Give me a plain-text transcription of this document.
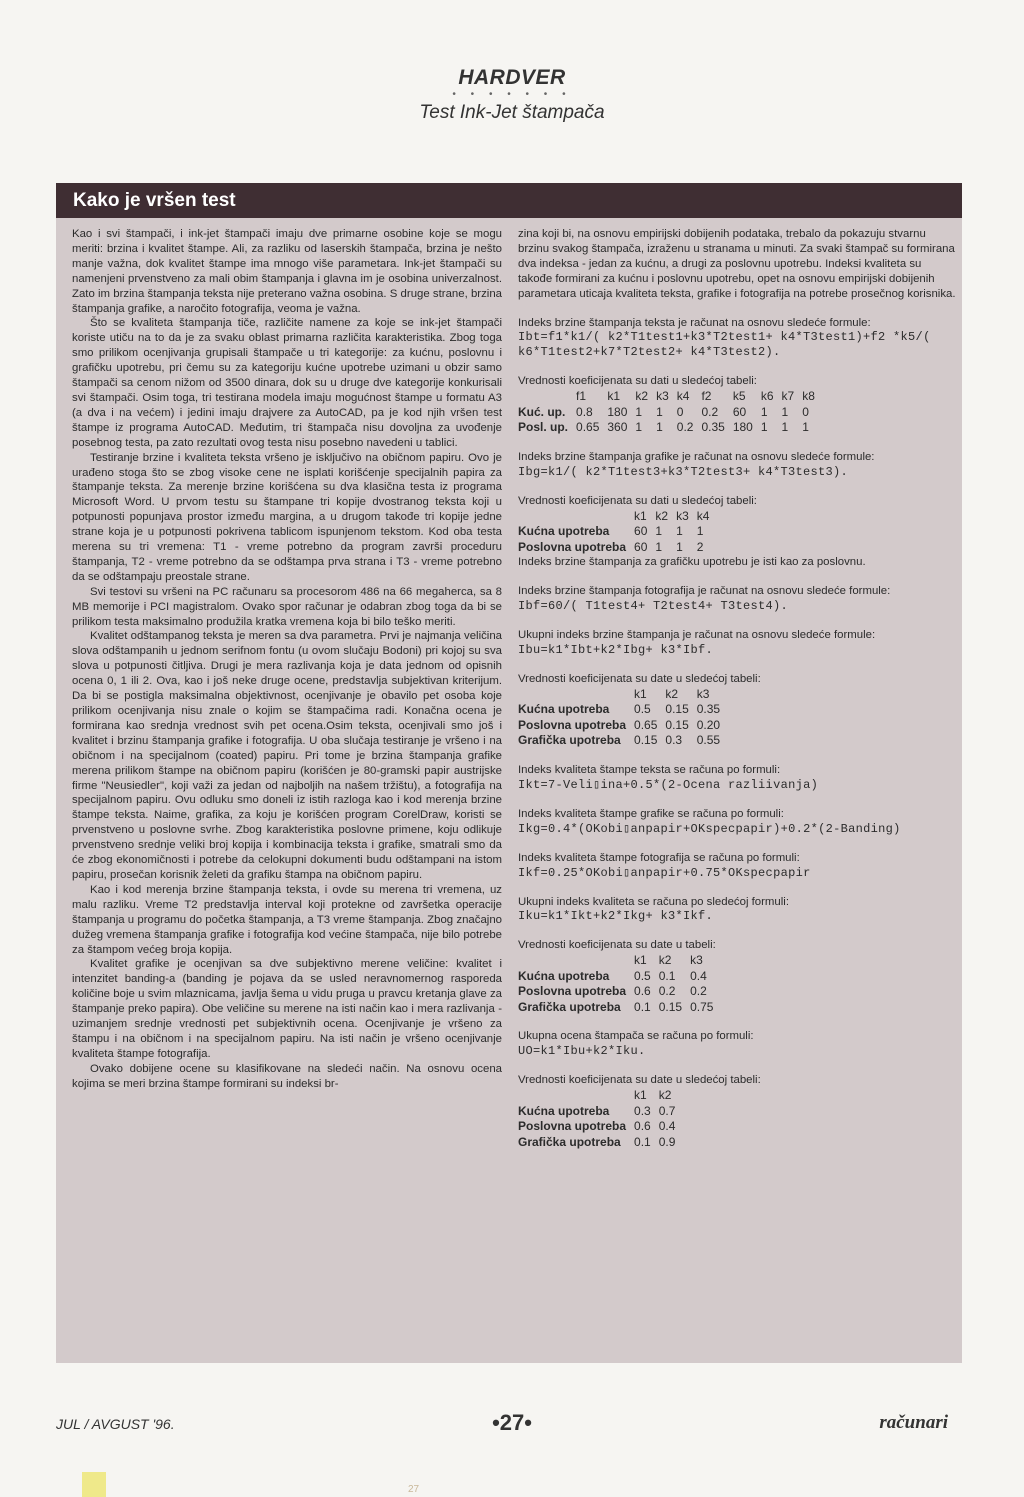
HARDVER
• • • • • • •
Test Ink-Jet štampača
Kako je vršen test

Kao i svi štampači, i ink-jet štampači imaju dve primarne osobine koje se mogu meriti: brzina i kvalitet štampe. Ali, za razliku od laserskih štampača, brzina je nešto manje važna, dok kvalitet štampe ima mnogo više parametara. Ink-jet štampači su namenjeni prvenstveno za mali obim štampanja i glavna im je osobina univerzalnost. Zato im brzina štampanja teksta nije preterano važna osobina. S druge strane, brzina štampanja grafike, a naročito fotografija, veoma je važna.

Što se kvaliteta štampanja tiče, različite namene za koje se ink-jet štampači koriste utiču na to da je za svaku oblast primarna različita karakteristika. Zbog toga smo prilikom ocenjivanja grupisali štampače u tri kategorije: za kućnu, poslovnu i grafičku upotrebu, pri čemu su za kategoriju kućne upotrebe uzimani u obzir samo štampači sa cenom nižom od 3500 dinara, dok su u druge dve kategorije konkurisali svi štampači. Osim toga, tri testirana modela imaju mogućnost štampe u formatu A3 (a dva i na većem) i jedini imaju drajvere za AutoCAD, pa je kod njih vršen test štampe iz programa AutoCAD. Međutim, tri štampača nisu dovoljna za uvođenje posebnog testa, pa zato rezultati ovog testa nisu posebno navedeni u tablici.

Testiranje brzine i kvaliteta teksta vršeno je isključivo na običnom papiru. Ovo je urađeno stoga što se zbog visoke cene ne isplati korišćenje specijalnih papira za štampanje teksta. Za merenje brzine korišćena su dva klasična testa iz programa Microsoft Word. U prvom testu su štampane tri kopije dvostranog teksta koji u potpunosti popunjava prostor između margina, a u drugom takođe tri kopije jedne strane koja je u potpunosti pokrivena tablicom ispunjenom tekstom. Kod oba testa merena su tri vremena: T1 - vreme potrebno da program završi proceduru štampanja, T2 - vreme potrebno da se odštampa prva strana i T3 - vreme potrebno da se odštampaju preostale strane.

Svi testovi su vršeni na PC računaru sa procesorom 486 na 66 megaherca, sa 8 MB memorije i PCI magistralom. Ovako spor računar je odabran zbog toga da bi se prilikom testa maksimalno produžila kratka vremena koja bi bilo teško meriti.

Kvalitet odštampanog teksta je meren sa dva parametra. Prvi je najmanja veličina slova odštampanih u jednom serifnom fontu (u ovom slučaju Bodoni) pri kojoj su sva slova u potpunosti čitljiva. Drugi je mera razlivanja koja je data jednom od opisnih ocena 0, 1 ili 2. Ova, kao i još neke druge ocene, predstavlja subjektivan kriterijum. Da bi se postigla maksimalna objektivnost, ocenjivanje je obavilo pet osoba koje prilikom ocenjivanja nisu znale o kojim se štampačima radi. Konačna ocena je formirana kao srednja vrednost svih pet ocena.Osim teksta, ocenjivali smo još i kvalitet i brzinu štampanja grafike i fotografija. U oba slučaja testiranje je vršeno i na običnom i na specijalnom (coated) papiru. Pri tome je brzina štampanja grafike merena prilikom štampe na običnom papiru (korišćen je 80-gramski papir austrijske firme "Neusiedler", koji važi za jedan od najboljih na našem tržištu), a fotografija na specijalnom papiru. Ovu odluku smo doneli iz istih razloga kao i kod merenja brzine štampe teksta. Naime, grafika, za koju je korišćen program CorelDraw, koristi se prvenstveno u poslovne svrhe. Zbog karakteristika poslovne primene, koju odlikuje prvenstveno srednje veliki broj kopija i kombinacija teksta i grafike, smatrali smo da će zbog ekonomičnosti i potrebe da celokupni dokumenti budu odštampani na istom papiru, prosečan korisnik želeti da grafiku štampa na običnom papiru.

Kao i kod merenja brzine štampanja teksta, i ovde su merena tri vremena, uz malu razliku. Vreme T2 predstavlja interval koji protekne od završetka operacije štampanja u programu do početka štampanja, a T3 vreme štampanja. Zbog značajno dužeg vremena štampanja grafike i fotografija kod većine štampača, nije bilo potrebe za štampom većeg broja kopija.

Kvalitet grafike je ocenjivan sa dve subjektivno merene veličine: kvalitet i intenzitet banding-a (banding je pojava da se usled neravnomernog rasporeda količine boje u svim mlaznicama, javlja šema u vidu pruga u pravcu kretanja glave za štampanje preko papira). Obe veličine su merene na isti način kao i mera razlivanja - uzimanjem srednje vrednosti pet subjektivnih ocena. Ocenjivanje je vršeno za štampu i na običnom i na specijalnom papiru. Na isti način je vršeno ocenjivanje kvaliteta štampe fotografija.

Ovako dobijene ocene su klasifikovane na sledeći način. Na osnovu ocena kojima se meri brzina štampe formirani su indeksi br-

zina koji bi, na osnovu empirijski dobijenih podataka, trebalo da pokazuju stvarnu brzinu svakog štampača, izraženu u stranama u minuti. Za svaki štampač su formirana dva indeksa - jedan za kućnu, a drugi za poslovnu upotrebu. Indeksi kvaliteta su takođe formirani za kućnu i poslovnu upotrebu, opet na osnovu empirijski dobijenih parametara uticaja kvaliteta teksta, grafike i fotografija na potrebe prosečnog korisnika.

Indeks brzine štampanja teksta je računat na osnovu sledeće formule:
Ibt=f1*k1/( k2*T1test1+k3*T2test1+ k4*T3test1)+f2 *k5/( k6*T1test2+k7*T2test2+ k4*T3test2).
Vrednosti koeficijenata su dati u sledećoj tabeli:
	f1	k1	k2	k3	k4	f2	k5	k6	k7	k8
Kuć. up.	0.8	180	1	1	0	0.2	60	1	1	0
Posl. up.	0.65	360	1	1	0.2	0.35	180	1	1	1
Indeks brzine štampanja grafike je računat na osnovu sledeće formule:
Ibg=k1/( k2*T1test3+k3*T2test3+ k4*T3test3).
Vrednosti koeficijenata su dati u sledećoj tabeli:
	k1	k2	k3	k4
Kućna upotreba	60	1	1	1
Poslovna upotreba	60	1	1	2
Indeks brzine štampanja za grafičku upotrebu je isti kao za poslovnu.
Indeks brzine štampanja fotografija je računat na osnovu sledeće formule:
Ibf=60/( T1test4+ T2test4+ T3test4).
Ukupni indeks brzine štampanja je računat na osnovu sledeće formule:
Ibu=k1*Ibt+k2*Ibg+ k3*Ibf.
Vrednosti koeficijenata su date u sledećoj tabeli:
	k1	k2	k3
Kućna upotreba	0.5	0.15	0.35
Poslovna upotreba	0.65	0.15	0.20
Grafička upotreba	0.15	0.3	0.55
Indeks kvaliteta štampe teksta se računa po formuli:
Ikt=7-Veli▯ina+0.5*(2-Ocena razliivanja)
Indeks kvaliteta štampe grafike se računa po formuli:
Ikg=0.4*(OKobi▯anpapir+OKspecpapir)+0.2*(2-Banding)
Indeks kvaliteta štampe fotografija se računa po formuli:
Ikf=0.25*OKobi▯anpapir+0.75*OKspecpapir
Ukupni indeks kvaliteta se računa po sledećoj formuli:
Iku=k1*Ikt+k2*Ikg+ k3*Ikf.
Vrednosti koeficijenata su date u tabeli:
	k1	k2	k3
Kućna upotreba	0.5	0.1	0.4
Poslovna upotreba	0.6	0.2	0.2
Grafička upotreba	0.1	0.15	0.75
Ukupna ocena štampača se računa po formuli:
UO=k1*Ibu+k2*Iku.
Vrednosti koeficijenata su date u sledećoj tabeli:
	k1	k2
Kućna upotreba	0.3	0.7
Poslovna upotreba	0.6	0.4
Grafička upotreba	0.1	0.9
JUL / AVGUST '96.	•27•	računari
27
